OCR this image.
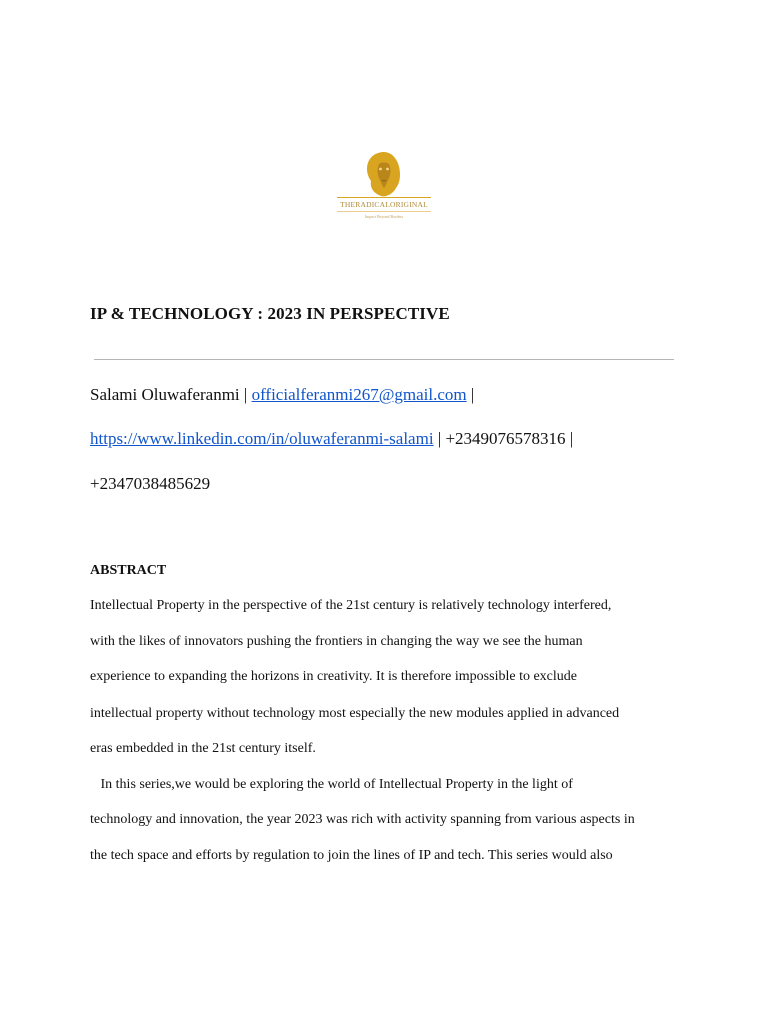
THERADICALORIGINAL
Impact Beyond Borders
IP & TECHNOLOGY : 2023 IN PERSPECTIVE
Salami Oluwaferanmi | officialferanmi267@gmail.com |
https://www.linkedin.com/in/oluwaferanmi-salami | +2349076578316 |
+2347038485629
ABSTRACT
Intellectual Property in the perspective of the 21st century is relatively technology interfered,
with the likes of innovators pushing the frontiers in changing the way we see the human
experience to expanding the horizons in creativity. It is therefore impossible to exclude
intellectual property without technology most especially the new modules applied in advanced
eras embedded in the 21st century itself.
In this series,we would be exploring the world of Intellectual Property in the light of
technology and innovation, the year 2023 was rich with activity spanning from various aspects in
the tech space and efforts by regulation to join the lines of IP and tech. This series would also
